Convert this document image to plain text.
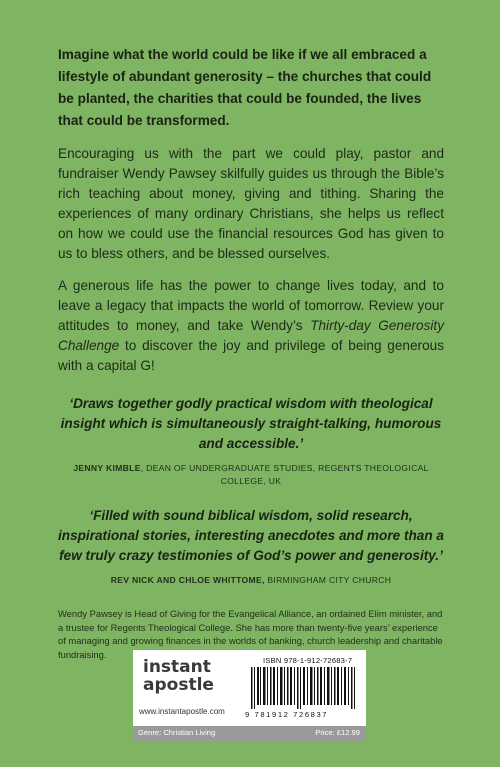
Imagine what the world could be like if we all embraced a lifestyle of abundant generosity – the churches that could be planted, the charities that could be founded, the lives that could be transformed.

Encouraging us with the part we could play, pastor and fundraiser Wendy Pawsey skilfully guides us through the Bible’s rich teaching about money, giving and tithing. Sharing the experiences of many ordinary Christians, she helps us reflect on how we could use the financial resources God has given to us to bless others, and be blessed ourselves.

A generous life has the power to change lives today, and to leave a legacy that impacts the world of tomorrow. Review your attitudes to money, and take Wendy’s Thirty-day Generosity Challenge to discover the joy and privilege of being generous with a capital G!

‘Draws together godly practical wisdom with theological insight which is simultaneously straight-talking, humorous and accessible.’
JENNY KIMBLE, DEAN OF UNDERGRADUATE STUDIES, REGENTS THEOLOGICAL COLLEGE, UK
‘Filled with sound biblical wisdom, solid research, inspirational stories, interesting anecdotes and more than a few truly crazy testimonies of God’s power and generosity.’
REV NICK AND CHLOE WHITTOME, BIRMINGHAM CITY CHURCH

Wendy Pawsey is Head of Giving for the Evangelical Alliance, an ordained Elim minister, and a trustee for Regents Theological College. She has more than twenty-five years’ experience of managing and growing finances in the worlds of banking, church leadership and charitable fundraising.

instant
apostle
www.instantapostle.com
ISBN 978-1-912-72683-7
9 781912 726837
Genre: Christian Living	Price: £12.99
